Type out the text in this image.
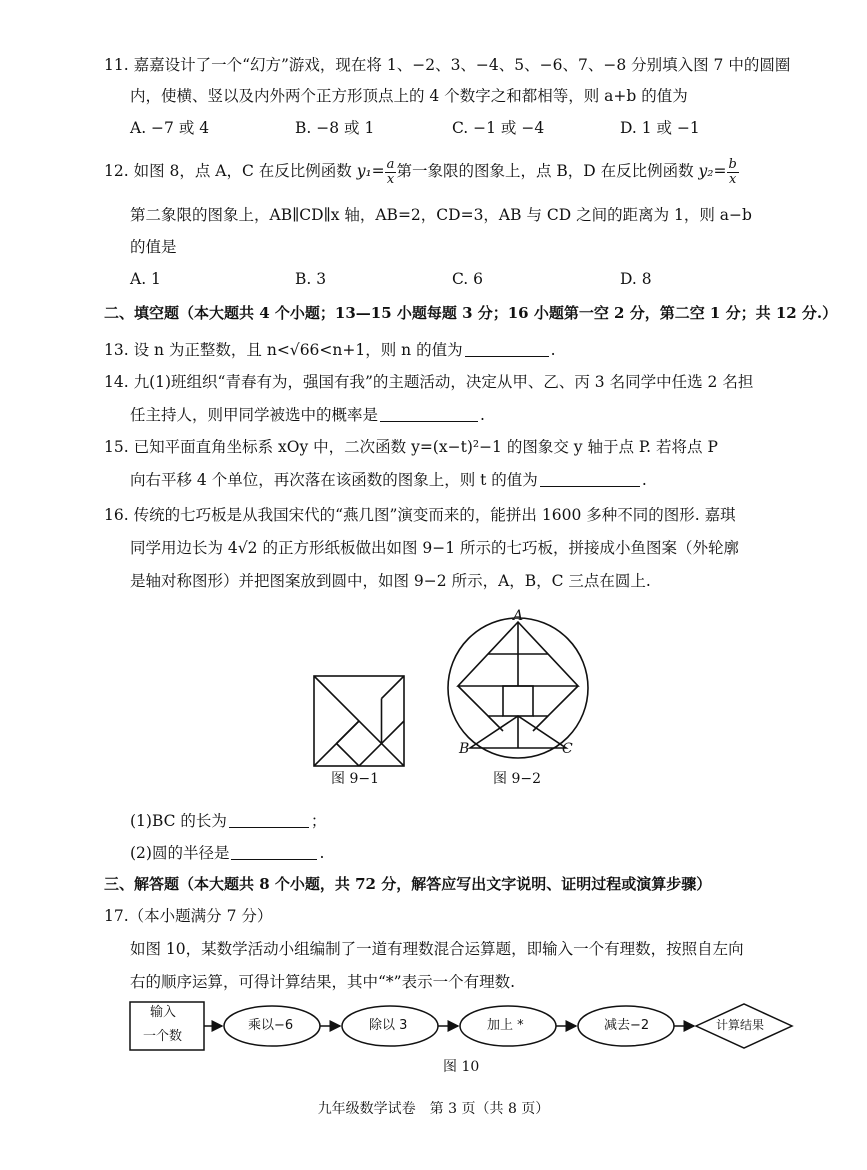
11. 嘉嘉设计了一个“幻方”游戏，现在将 1、−2、3、−4、5、−6、7、−8 分别填入图 7 中的圆圈
内，使横、竖以及内外两个正方形顶点上的 4 个数字之和都相等，则 a+b 的值为
A. −7 或 4	B. −8 或 1	C. −1 或 −4	D. 1 或 −1
12. 如图 8，点 A，C 在反比例函数 $y_1= \frac{a}{x}$ 第一象限的图象上，点 B，D 在反比例函数 $y_2= \frac{b}{x}$
第二象限的图象上，AB∥CD∥x 轴，AB=2，CD=3，AB 与 CD 之间的距离为 1，则 a−b
的值是
A. 1	B. 3	C. 6	D. 8
二、填空题（本大题共 4 个小题；13—15 小题每题 3 分；16 小题第一空 2 分，第二空 1 分；共 12 分.）
13. 设 n 为正整数，且 n<√66<n+1，则 n 的值为	.
14. 九(1)班组织“青春有为，强国有我”的主题活动，决定从甲、乙、丙 3 名同学中任选 2 名担
任主持人，则甲同学被选中的概率是	.
15. 已知平面直角坐标系 xOy 中，二次函数 y=(x−t)²−1 的图象交 y 轴于点 P. 若将点 P
向右平移 4 个单位，再次落在该函数的图象上，则 t 的值为	.
16. 传统的七巧板是从我国宋代的“燕几图”演变而来的，能拼出 1600 多种不同的图形. 嘉琪
同学用边长为 4√2 的正方形纸板做出如图 9−1 所示的七巧板，拼接成小鱼图案（外轮廓
是轴对称图形）并把图案放到圆中，如图 9−2 所示，A，B，C 三点在圆上.
图 9−1
A
B	C
图 9−2
(1)BC 的长为	；
(2)圆的半径是	.
三、解答题（本大题共 8 个小题，共 72 分，解答应写出文字说明、证明过程或演算步骤）
17.（本小题满分 7 分）
如图 10，某数学活动小组编制了一道有理数混合运算题，即输入一个有理数，按照自左向
右的顺序运算，可得计算结果，其中“*”表示一个有理数.
输入
一个数
乘以−6	除以 3	加上 *	减去−2	计算结果
图 10
九年级数学试卷　第 3 页（共 8 页）
